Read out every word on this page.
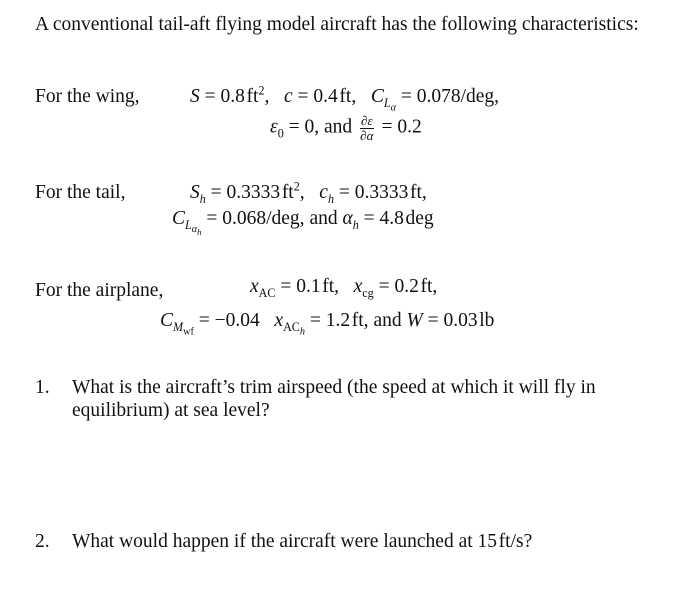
A conventional tail-aft flying model aircraft has the following characteristics:
For the wing,	S = 0.8 $ft^2$,   c = 0.4 ft,   $C_{L_\alpha} = 0.078/deg$,
$\varepsilon_0 = 0$, and $\frac{\partial\varepsilon}{\partial\alpha} = 0.2$
For the tail,	$S_h = 0.3333$ $ft^2$,   $c_h = 0.3333$ ft,
$C_{L_{\alpha_h}} = 0.068/deg$, and $\alpha_h = 4.8$ deg
For the airplane,	$x_{AC} = 0.1$ ft, $x_{cg} = 0.2$ ft,
$C_{M_{wf}} = -0.04$ $x_{AC_h} = 1.2$ ft, and W = 0.03 lb
1.	What is the aircraft’s trim airspeed (the speed at which it will fly in
equilibrium) at sea level?
2.	What would happen if the aircraft were launched at 15 ft/s?
